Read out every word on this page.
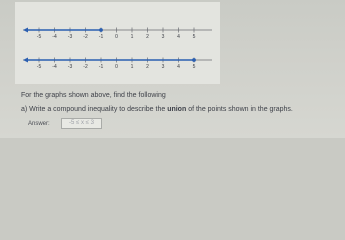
-5 -4 -3 -2 -1 0	1	2	3	4	5
-5 -4 -3 -2 -1 0	1	2	3	4	5
For the graphs shown above, find the following
a) Write a compound inequality to describe the union of the points shown in the graphs.
Answer:	-5 ≤ x ≤ 3
